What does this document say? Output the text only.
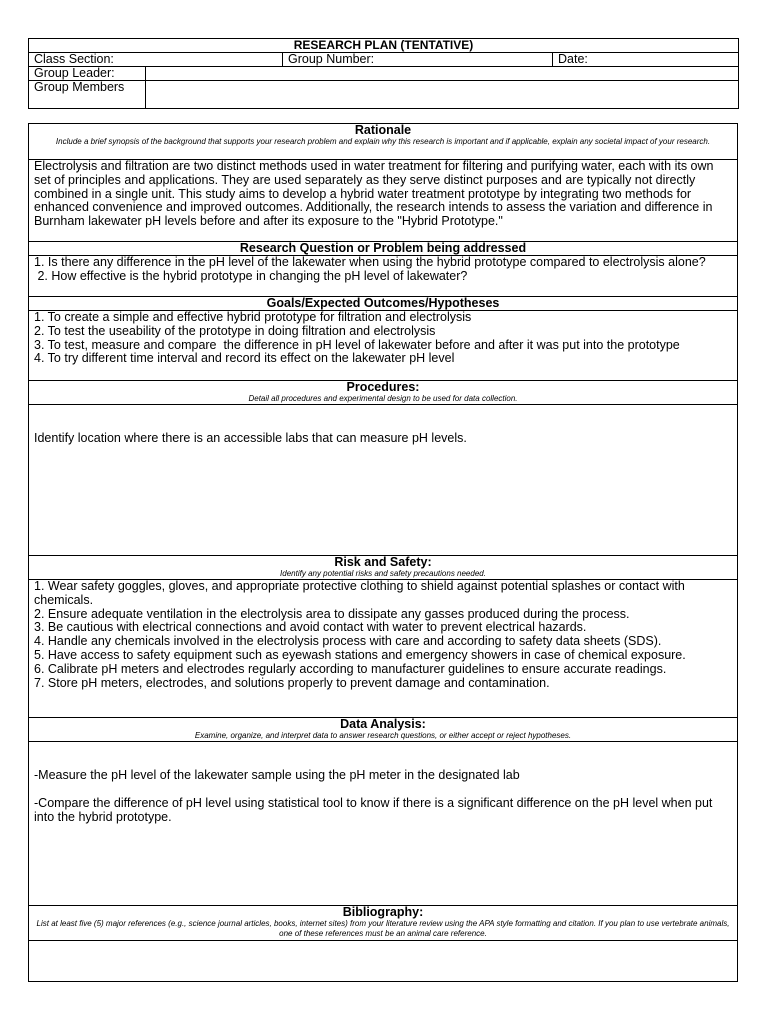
RESEARCH PLAN (TENTATIVE)			
Class Section:		Group Number:	Date:
Group Leader:			
Group Members			
Rationale
Include a brief synopsis of the background that supports your research problem and explain why this research is important and if applicable, explain any societal impact of your research.

Electrolysis and filtration are two distinct methods used in water treatment for filtering and purifying water, each with its own set of principles and applications. They are used separately as they serve distinct purposes and are typically not directly combined in a single unit. This study aims to develop a hybrid water treatment prototype by integrating two methods for enhanced convenience and improved outcomes. Additionally, the research intends to assess the variation and difference in Burnham lakewater pH levels before and after its exposure to the "Hybrid Prototype."
Research Question or Problem being addressed

1. Is there any difference in the pH level of the lakewater when using the hybrid prototype compared to electrolysis alone?

2. How effective is the hybrid prototype in changing the pH level of lakewater?

Goals/Expected Outcomes/Hypotheses

1. To create a simple and effective hybrid prototype for filtration and electrolysis

2. To test the useability of the prototype in doing filtration and electrolysis

3. To test, measure and compare  the difference in pH level of lakewater before and after it was put into the prototype

4. To try different time interval and record its effect on the lakewater pH level

Procedures:
Detail all procedures and experimental design to be used for data collection.

Identify location where there is an accessible labs that can measure pH levels.

Risk and Safety:
Identify any potential risks and safety precautions needed.

1. Wear safety goggles, gloves, and appropriate protective clothing to shield against potential splashes or contact with chemicals.

2. Ensure adequate ventilation in the electrolysis area to dissipate any gasses produced during the process.

3. Be cautious with electrical connections and avoid contact with water to prevent electrical hazards.

4. Handle any chemicals involved in the electrolysis process with care and according to safety data sheets (SDS).

5. Have access to safety equipment such as eyewash stations and emergency showers in case of chemical exposure.

6. Calibrate pH meters and electrodes regularly according to manufacturer guidelines to ensure accurate readings.

7. Store pH meters, electrodes, and solutions properly to prevent damage and contamination.

Data Analysis:
Examine, organize, and interpret data to answer research questions, or either accept or reject hypotheses.

-Measure the pH level of the lakewater sample using the pH meter in the designated lab

-Compare the difference of pH level using statistical tool to know if there is a significant difference on the pH level when put into the hybrid prototype.

Bibliography:
List at least five (5) major references (e.g., science journal articles, books, internet sites) from your literature review using the APA style formatting and citation. If you plan to use vertebrate animals, one of these references must be an animal care reference.
